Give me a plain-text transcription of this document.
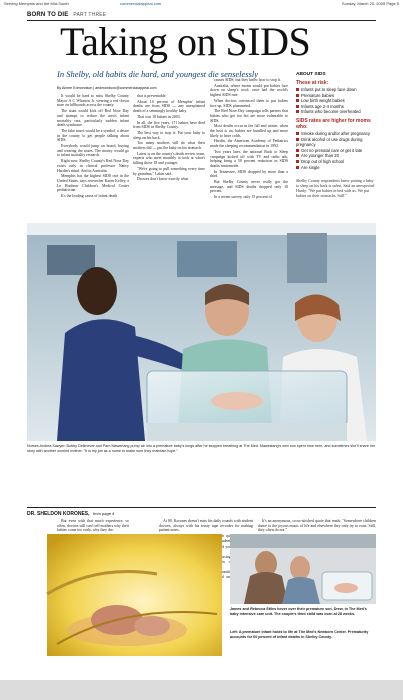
Serving Memphis and the Mid-South	commercialappeal.com	Sunday, March 20, 2005 Page 5
BORN TO DIE PART THREE
Taking on SIDS
In Shelby, old habits die hard, and youngest die senselessly
By Aimee Edmondson | aedmondson@commercialappeal.com

It would be hard to miss Shelby County Mayor A C Wharton Jr. wearing a red clown nose on billboards across the county.

The stunt would kick off Red Nose Day and attempt to reduce the area's infant mortality rate, particularly sudden infant death syndrome.

The fake noses would be a symbol, a desire in the county to get people talking about SIDS.

Everybody would jump on board, buying and wearing the noses. The money would go to infant mortality research.

Right now, Shelby County's Red Nose Day exists only in clinical professor Nancy Hardin's mind. And in Australia.

Memphis has the highest SIDS rate in the United States, says researcher Karen Kelley, a Le Bonheur Children's Medical Center pediatrician.

It's the leading cause of infant death

that is preventable.

About 10 percent of Memphis' infant deaths are from SIDS — any unexplained death of a seemingly healthy baby.

That was 18 babies in 2003.

In all, the five years, 171 babies have died from SIDS in Shelby County.

The best way to stop it: Put your baby to sleep on his back.

Too many mothers still do what their mothers did — put the baby on his stomach.

Latest is on the county's death review team, experts who meet monthly to look at what's killing those 18 and younger.

"We're going to pull something every time by grandma," Lakin said.

Doctors don't know exactly what

causes SIDS, but they know how to stop it.

Australia, where moms would put babies face down on sheep's wool, once had the world's highest SIDS rate.

When doctors convinced them to put babies face up, SIDS plummeted.

The Red Nose Day campaign tells parents that babies who get too hot are more vulnerable to SIDS.

Most deaths occur in the fall and winter, when the heat is on, babies are bundled up and more likely to have colds.

Hardin, the American Academy of Pediatrics made the sleeping recommendation in 1992.

Two years later, the national Back to Sleep campaign kicked off with TV and radio ads, helping bring a 50 percent reduction in SIDS deaths nationwide.

In Tennessee, SIDS dropped by more than a third.

But Shelby County never really got the message, and SIDS deaths dropped only 10 percent.

In a recent survey, only 15 percent of

ABOUT SIDS
These at risk:
Infants put to sleep face down
Premature babies
Low birth weight babies
Infants age 2-4 months
Infants who become overheated
SIDS rates are higher for moms who:
Smoke during and/or after pregnancy
Drink alcohol or use drugs during pregnancy
Get no prenatal care or get it late
Are younger than 20
Drop out of high school
Are single
Shelby County respondents knew putting a baby to sleep on his back is safest. Said an unexpected Hardy: "We put babies in bed with us. We put babies on their stomachs. Still."
Nurses Andrea Sawyer, Bobby Dellmever and Pam Mawerlang pump air into a premature baby's lungs after he stopped breathing at The Med. Maweslang's own son spent time here, and sometimes she'll share her story with another worried mother: "It is my job as a nurse to make sure they maintain hope."
DR. SHELDON KORONES, from page 4

But even with that much experience, so often, doctors still can't tell mothers why their babies come too early, why they die.

At 80, Korones doesn't miss his daily rounds with student doctors, always with his trusty tape recorder for making patient notes.

students

focusing his

beautiful and

It's an anonymous, cross-stitched quote that reads: "Somewhere children dance to the joyous music of life and elsewhere they only try to exist. Still, they often do not."

James and Rebecca Stiles hover over their premature son, Drew, in The Med's baby intensive care unit. The couple's third child was born at 28 weeks.
Left: A premature infant holds to life at The Med's Newborn Center. Prematurity accounts for 60 percent of infant deaths in Shelby County.
